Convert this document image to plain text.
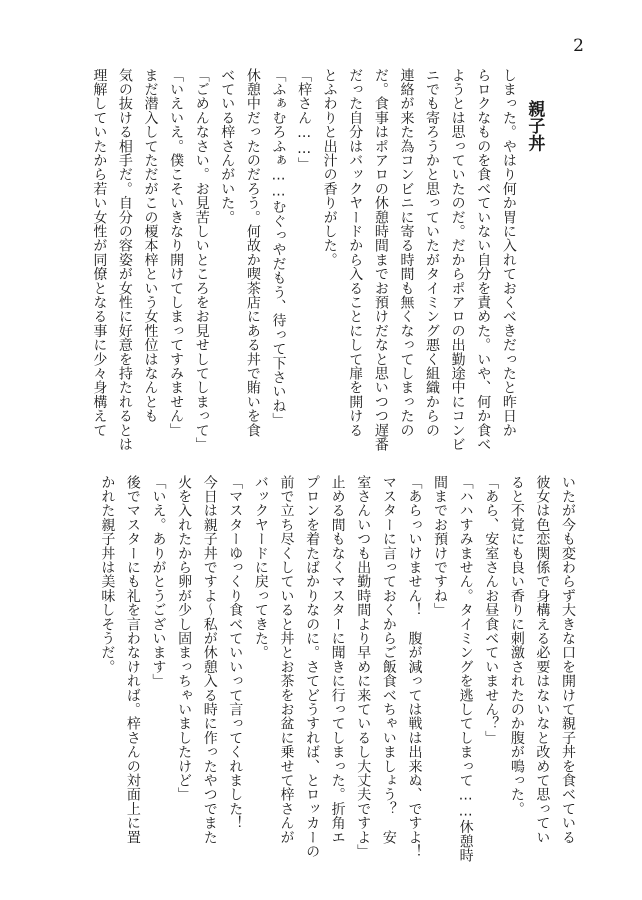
2

親子丼

しまった。やはり何か胃に入れておくべきだったと昨日か
らロクなものを食べていない自分を責めた。いや、何か食べ
ようとは思っていたのだ。だからポアロの出勤途中にコンビ
ニでも寄ろうかと思っていたがタイミング悪く組織からの
連絡が来た為コンビニに寄る時間も無くなってしまったの
だ。食事はポアロの休憩時間までお預けだなと思いつつ遅番
だった自分はバックヤードから入ることにして扉を開ける
とふわりと出汁の香りがした。
「梓さん……」
「ふぁむろふぁ……むぐっやだもう、待って下さいね」
休憩中だったのだろう。何故か喫茶店にある丼で賄いを食
べている梓さんがいた。
「ごめんなさい。お見苦しいところをお見せしてしまって」
「いえいえ。僕こそいきなり開けてしまってすみません」
まだ潜入してただがこの榎本梓という女性位はなんとも
気の抜ける相手だ。自分の容姿が女性に好意を持たれるとは
理解していたから若い女性が同僚となる事に少々身構えて
いたが今も変わらず大きな口を開けて親子丼を食べている
彼女は色恋関係で身構える必要はないなと改めて思ってい
ると不覚にも良い香りに刺激されたのか腹が鳴った。
「あら、安室さんお昼食べていません？」
「ハハすみません。タイミングを逃してしまって……休憩時
間までお預けですね」
「あらっいけません！　腹が減っては戦は出来ぬ、ですよ！
マスターに言っておくからご飯食べちゃいましょう？　安
室さんいつも出勤時間より早めに来ているし大丈夫ですよ」
止める間もなくマスターに聞きに行ってしまった。折角エ
プロンを着たばかりなのに。さてどうすれば、とロッカーの
前で立ち尽くしていると丼とお茶をお盆に乗せて梓さんが
バックヤードに戻ってきた。
「マスターゆっくり食べていいって言ってくれました！
今日は親子丼ですよ～私が休憩入る時に作ったやつでまた
火を入れたから卵が少し固まっちゃいましたけど」
「いえ。ありがとうございます」
後でマスターにも礼を言わなければ。梓さんの対面上に置
かれた親子丼は美味しそうだ。
